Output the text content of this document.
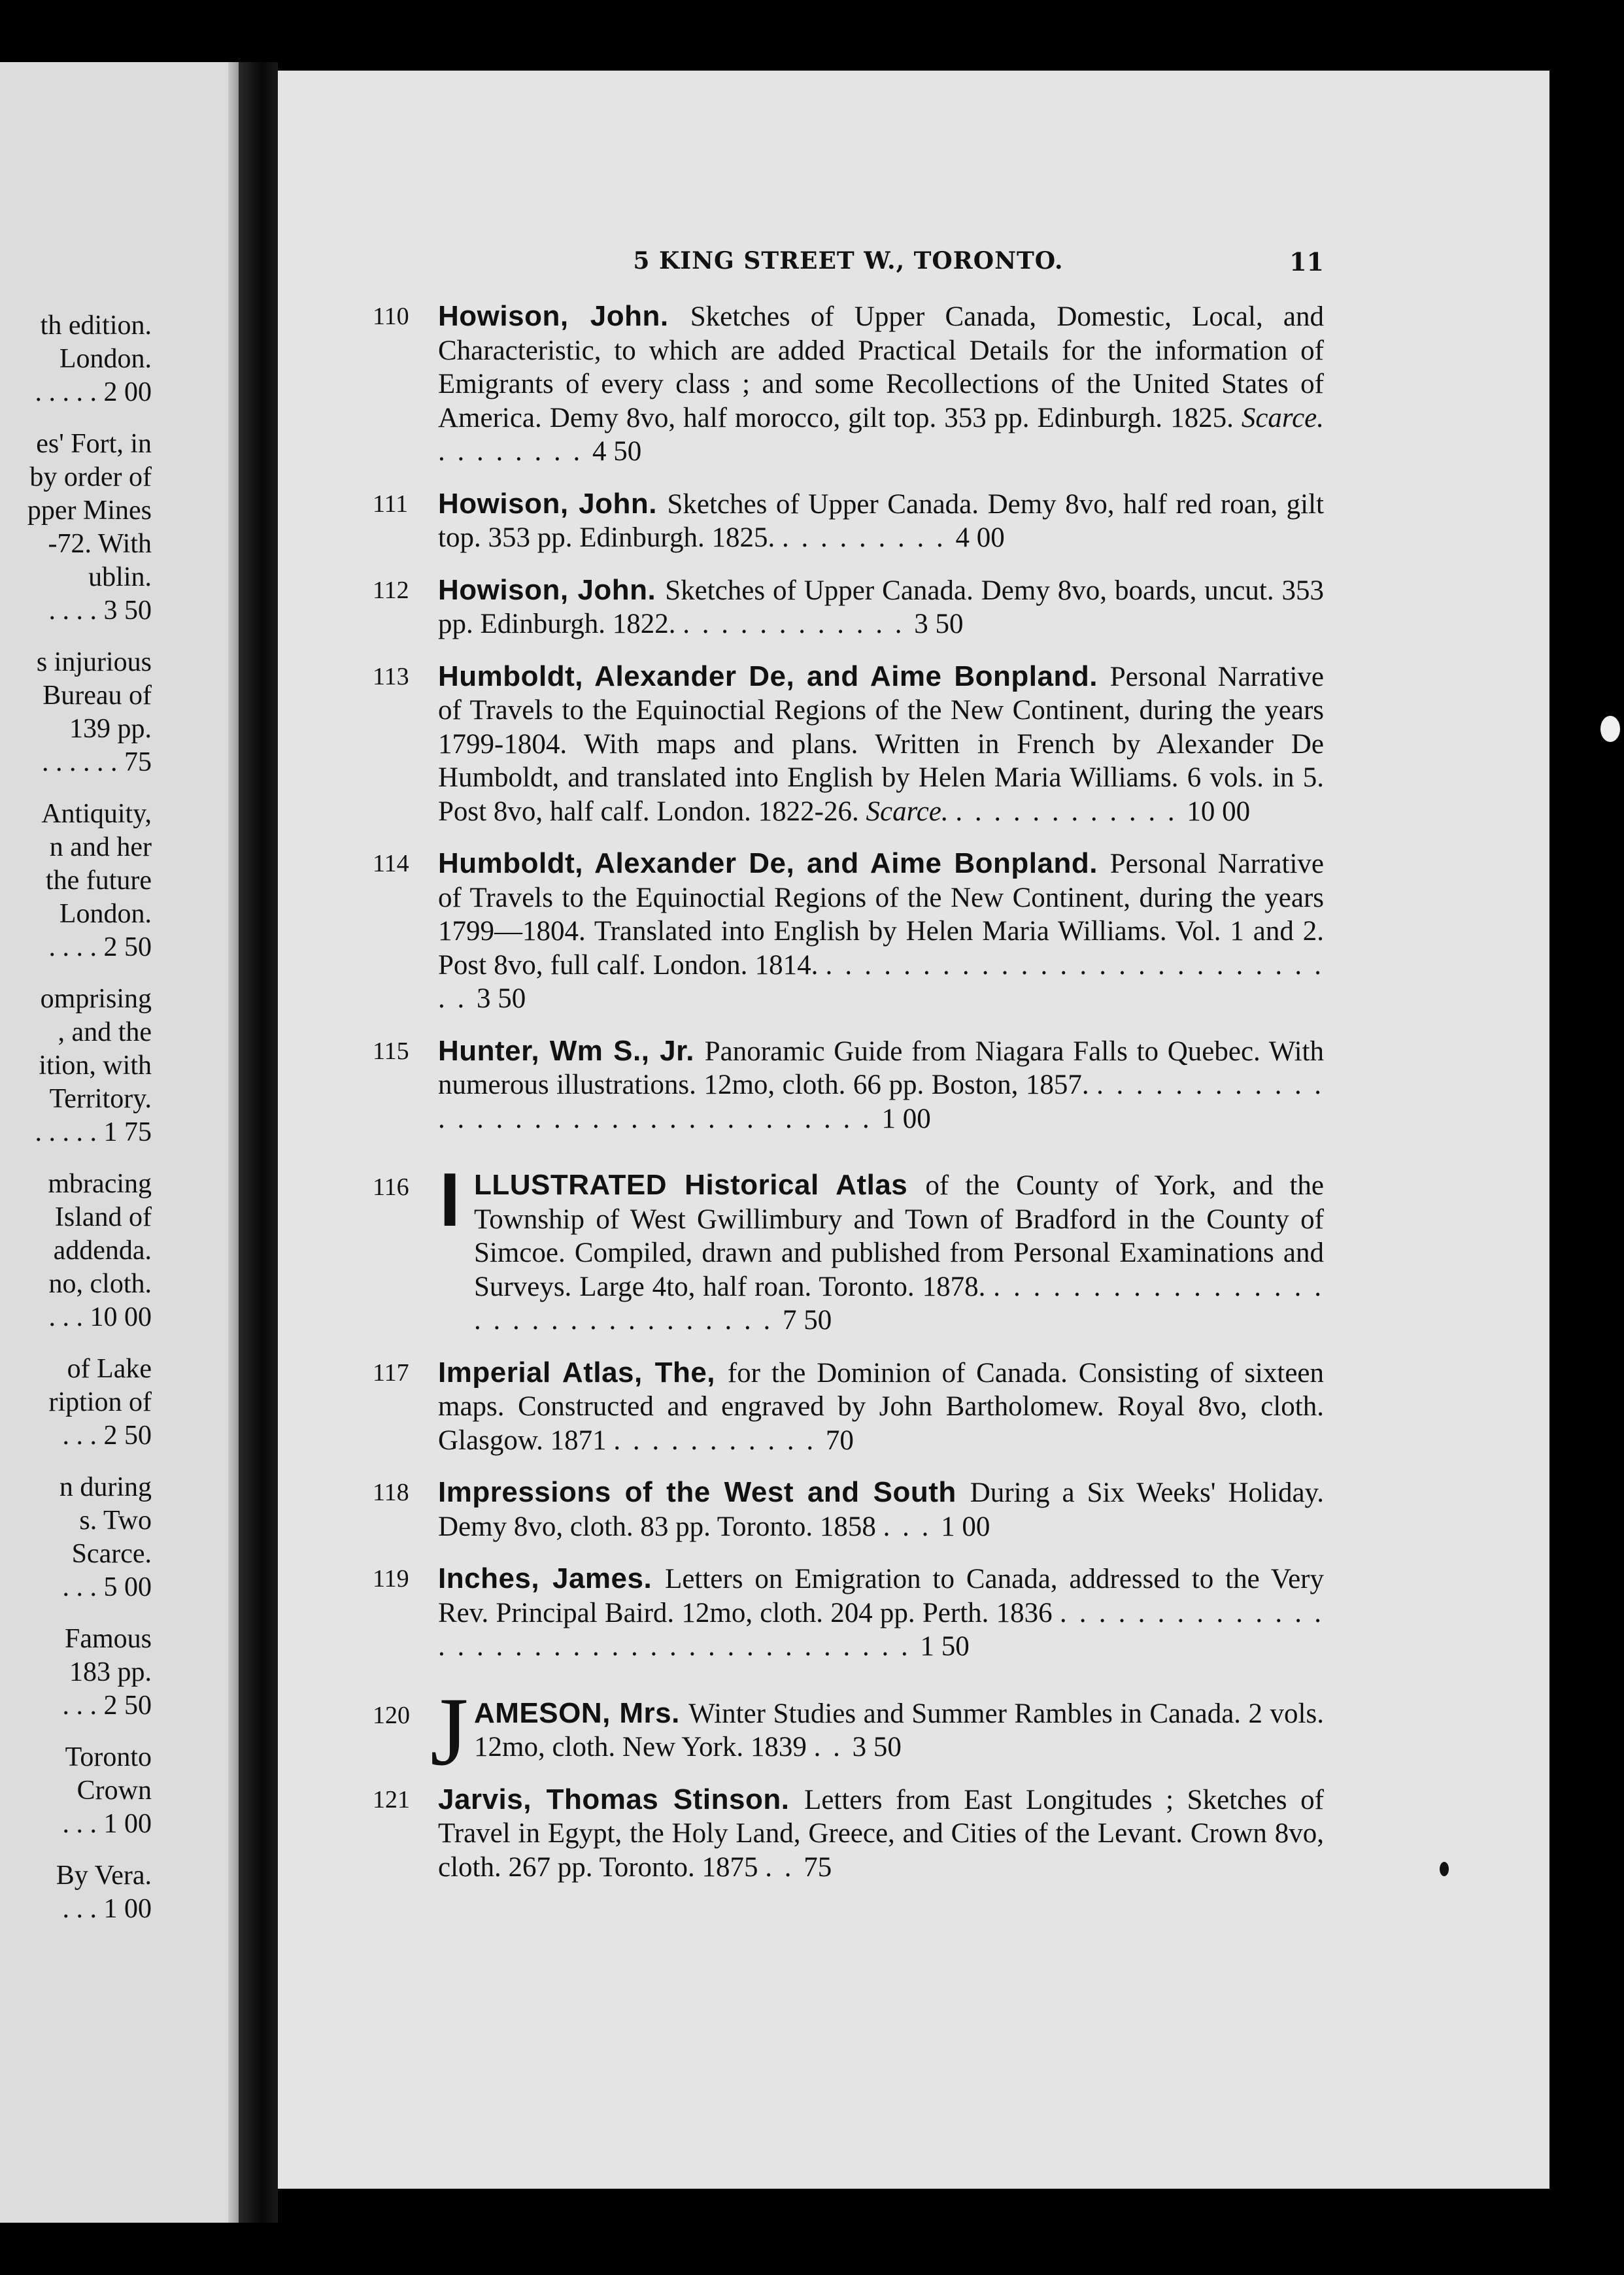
th edition.
London.
. . . . . 2 00
es' Fort, in
by order of
pper Mines
-72. With
ublin.
. . . . 3 50
s injurious
Bureau of
139 pp.
. . . . . . 75
Antiquity,
n and her
the future
London.
. . . . 2 50
omprising
, and the
ition, with
Territory.
. . . . . 1 75
mbracing
Island of
addenda.
no, cloth.
. . . 10 00
of Lake
ription of
. . . 2 50
n during
s. Two
Scarce.
. . . 5 00
Famous
183 pp.
. . . 2 50
Toronto
Crown
. . . 1 00
By Vera.
. . . 1 00
5 KING STREET W., TORONTO.	11
110 Howison, John. Sketches of Upper Canada, Domestic, Local, and Characteristic, to which are added Practical Details for the information of Emigrants of every class ; and some Recollections of the United States of America. Demy 8vo, half morocco, gilt top. 353 pp. Edinburgh. 1825. Scarce. . . . . . . . . 4 50
111 Howison, John. Sketches of Upper Canada. Demy 8vo, half red roan, gilt top. 353 pp. Edinburgh. 1825. . . . . . . . . . 4 00
112 Howison, John. Sketches of Upper Canada. Demy 8vo, boards, uncut. 353 pp. Edinburgh. 1822. . . . . . . . . . . . . 3 50
113 Humboldt, Alexander De, and Aime Bonpland. Personal Narrative of Travels to the Equinoctial Regions of the New Continent, during the years 1799-1804. With maps and plans. Written in French by Alexander De Humboldt, and translated into English by Helen Maria Williams. 6 vols. in 5. Post 8vo, half calf. London. 1822-26. Scarce. . . . . . . . . . . . . 10 00
114 Humboldt, Alexander De, and Aime Bonpland. Personal Narrative of Travels to the Equinoctial Regions of the New Continent, during the years 1799—1804. Translated into English by Helen Maria Williams. Vol. 1 and 2. Post 8vo, full calf. London. 1814. . . . . . . . . . . . . . . . . . . . . . . . . . . . . 3 50
115 Hunter, Wm S., Jr. Panoramic Guide from Niagara Falls to Quebec. With numerous illustrations. 12mo, cloth. 66 pp. Boston, 1857. . . . . . . . . . . . . . . . . . . . . . . . . . . . . . . . . . . . 1 00
116 I LLUSTRATED Historical Atlas of the County of York, and the Township of West Gwillimbury and Town of Bradford in the County of Simcoe. Compiled, drawn and published from Personal Examinations and Surveys. Large 4to, half roan. Toronto. 1878. . . . . . . . . . . . . . . . . . . . . . . . . . . . . . . . . . 7 50
117 Imperial Atlas, The, for the Dominion of Canada. Consisting of sixteen maps. Constructed and engraved by John Bartholomew. Royal 8vo, cloth. Glasgow. 1871 . . . . . . . . . . . 70
118 Impressions of the West and South During a Six Weeks' Holiday. Demy 8vo, cloth. 83 pp. Toronto. 1858 . . . 1 00
119 Inches, James. Letters on Emigration to Canada, addressed to the Very Rev. Principal Baird. 12mo, cloth. 204 pp. Perth. 1836 . . . . . . . . . . . . . . . . . . . . . . . . . . . . . . . . . . . . . . . 1 50
120 J AMESON, Mrs. Winter Studies and Summer Rambles in Canada. 2 vols. 12mo, cloth. New York. 1839 . . 3 50
121 Jarvis, Thomas Stinson. Letters from East Longitudes ; Sketches of Travel in Egypt, the Holy Land, Greece, and Cities of the Levant. Crown 8vo, cloth. 267 pp. Toronto. 1875 . . 75
